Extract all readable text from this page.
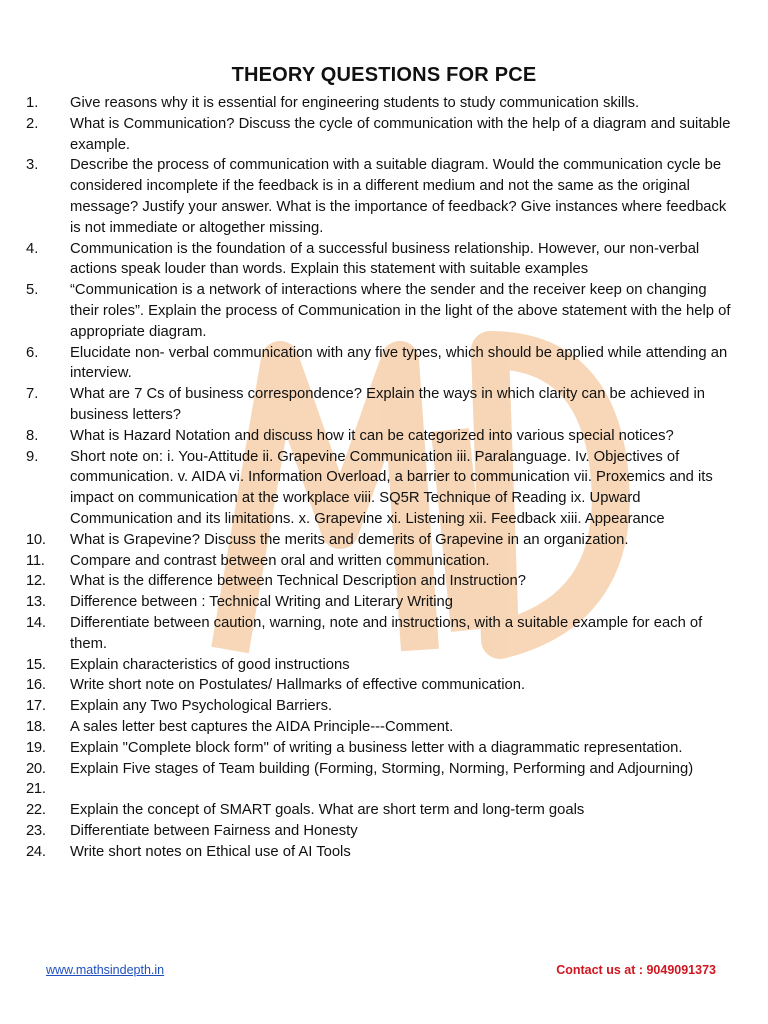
THEORY QUESTIONS FOR PCE
1.	Give reasons why it is essential for engineering students to study communication skills.
2.	What is Communication? Discuss the cycle of communication with the help of a diagram and suitable example.
3.	Describe the process of communication with a suitable diagram. Would the communication cycle be considered incomplete if the feedback is in a different medium and not the same as the original message? Justify your answer. What is the importance of feedback? Give instances where feedback is not immediate or altogether missing.
4.	Communication is the foundation of a successful business relationship. However, our non-verbal actions speak louder than words. Explain this statement with suitable examples
5.	“Communication is a network of interactions where the sender and the receiver keep on changing their roles”. Explain the process of Communication in the light of the above statement with the help of appropriate diagram.
6.	Elucidate non- verbal communication with any five types, which should be applied while attending an interview.
7.	What are 7 Cs of business correspondence? Explain the ways in which clarity can be achieved in business letters?
8.	What is Hazard Notation and discuss how it can be categorized into various special notices?
9.	Short note on: i. You-Attitude ii. Grapevine Communication iii. Paralanguage. Iv. Objectives of communication. v. AIDA vi. Information Overload, a barrier to communication vii. Proxemics and its impact on communication at the workplace viii. SQ5R Technique of Reading ix. Upward Communication and its limitations. x. Grapevine xi. Listening xii. Feedback xiii. Appearance
10.	What is Grapevine? Discuss the merits and demerits of Grapevine in an organization.
11.	Compare and contrast between oral and written communication.
12.	What is the difference between Technical Description and Instruction?
13.	Difference between : Technical Writing and Literary Writing
14.	Differentiate between caution, warning, note and instructions, with a suitable example for each of them.
15.	Explain characteristics of good instructions
16.	Write short note on Postulates/ Hallmarks of effective communication.
17.	Explain any Two Psychological Barriers.
18.	A sales letter best captures the AIDA Principle---Comment.
19.	Explain "Complete block form" of writing a business letter with a diagrammatic representation.
20.	Explain Five stages of Team building (Forming, Storming, Norming, Performing and Adjourning)
21.
22.	Explain the concept of SMART goals. What are short term and long-term goals
23.	Differentiate between Fairness and Honesty
24.	Write short notes on Ethical use of AI Tools
www.mathsindepth.in	Contact us at : 9049091373
